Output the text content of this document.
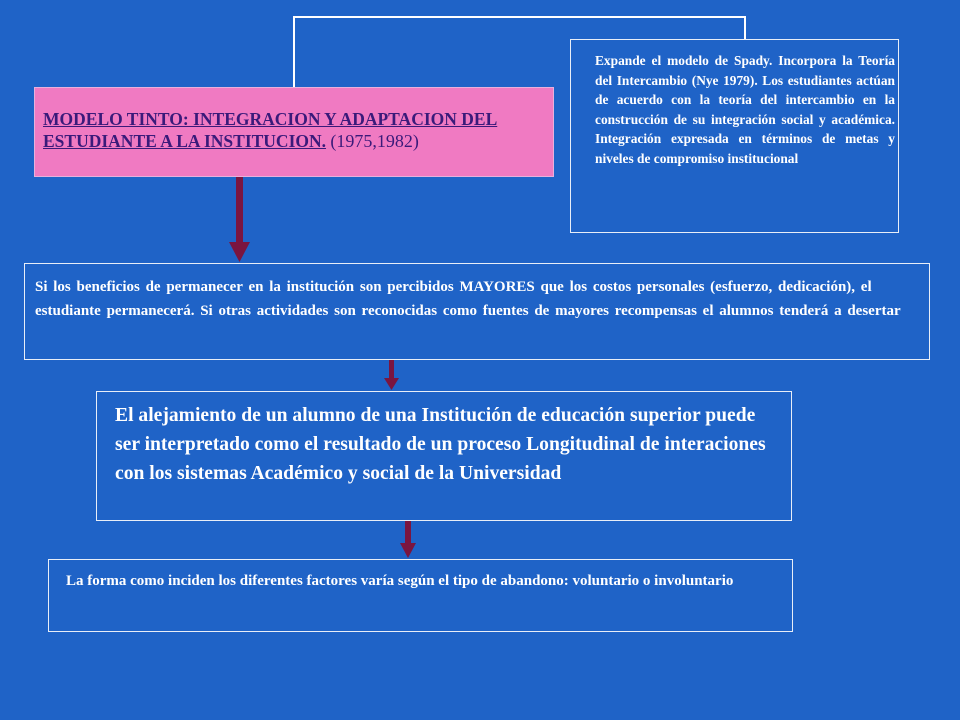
MODELO TINTO: INTEGRACION Y ADAPTACION DEL ESTUDIANTE A LA INSTITUCION. (1975,1982)
Expande el modelo de Spady. Incorpora la Teoría del Intercambio (Nye 1979). Los estudiantes actúan de acuerdo con la teoría del intercambio en la construcción de su integración social y académica. Integración expresada en términos de metas y niveles de compromiso institucional
Si los beneficios de permanecer en la institución son percibidos MAYORES que los costos personales (esfuerzo, dedicación), el estudiante permanecerá. Si otras actividades son reconocidas como fuentes de mayores recompensas el alumnos tenderá a desertar
El alejamiento de un alumno de una Institución de educación superior puede ser interpretado como el resultado de un proceso Longitudinal de interaciones con los sistemas Académico y social de la Universidad
La forma como inciden los diferentes factores varía según el tipo de abandono: voluntario o involuntario
